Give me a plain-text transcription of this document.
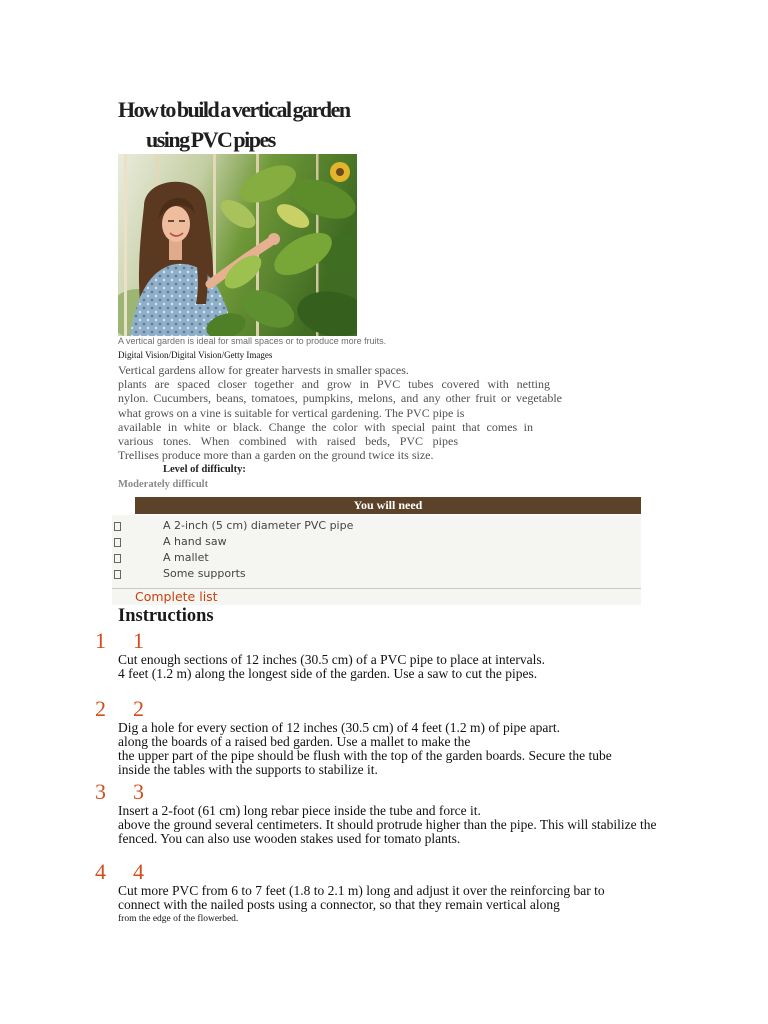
How to build a vertical garden
using PVC pipes
A vertical garden is ideal for small spaces or to produce more fruits.
Digital Vision/Digital Vision/Getty Images
Vertical gardens allow for greater harvests in smaller spaces.
plants are spaced closer together and grow in PVC tubes covered with netting
nylon. Cucumbers, beans, tomatoes, pumpkins, melons, and any other fruit or vegetable
what grows on a vine is suitable for vertical gardening. The PVC pipe is
available in white or black. Change the color with special paint that comes in
various tones. When combined with raised beds, PVC pipes
Trellises produce more than a garden on the ground twice its size.
Level of difficulty:
Moderately difficult
You will need
A 2-inch (5 cm) diameter PVC pipe
A hand saw
A mallet
Some supports
Complete list
Instructions
1 1
Cut enough sections of 12 inches (30.5 cm) of a PVC pipe to place at intervals.
4 feet (1.2 m) along the longest side of the garden. Use a saw to cut the pipes.
2 2
Dig a hole for every section of 12 inches (30.5 cm) of 4 feet (1.2 m) of pipe apart.
along the boards of a raised bed garden. Use a mallet to make the
the upper part of the pipe should be flush with the top of the garden boards. Secure the tube
inside the tables with the supports to stabilize it.
3 3
Insert a 2-foot (61 cm) long rebar piece inside the tube and force it.
above the ground several centimeters. It should protrude higher than the pipe. This will stabilize the
fenced. You can also use wooden stakes used for tomato plants.
4 4
Cut more PVC from 6 to 7 feet (1.8 to 2.1 m) long and adjust it over the reinforcing bar to
connect with the nailed posts using a connector, so that they remain vertical along
from the edge of the flowerbed.
